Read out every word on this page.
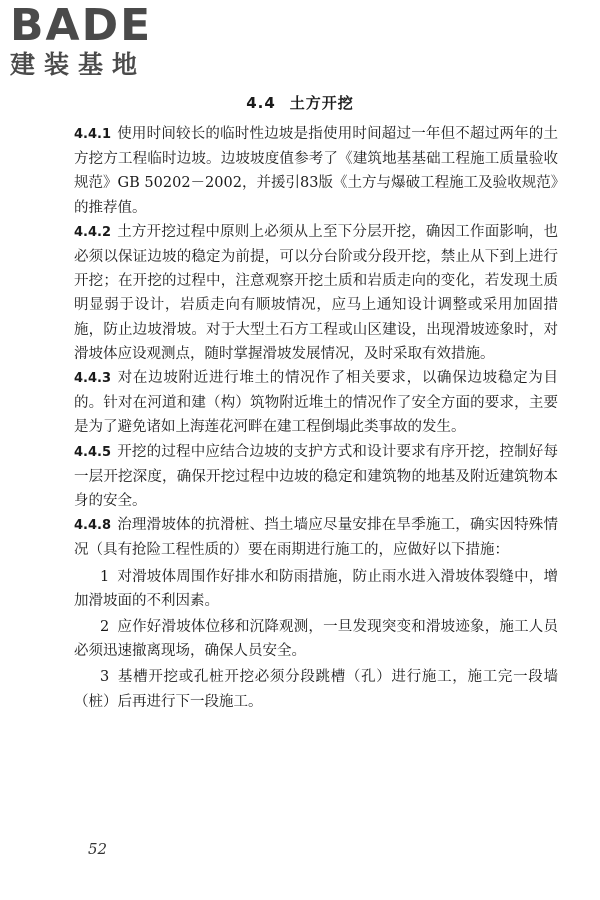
BADE
建装基地
4.4 土方开挖

4.4.1 使用时间较长的临时性边坡是指使用时间超过一年但不超过两年的土方挖方工程临时边坡。边坡坡度值参考了《建筑地基基础工程施工质量验收规范》GB 50202－2002，并援引83版《土方与爆破工程施工及验收规范》的推荐值。

4.4.2 土方开挖过程中原则上必须从上至下分层开挖，确因工作面影响，也必须以保证边坡的稳定为前提，可以分台阶或分段开挖，禁止从下到上进行开挖；在开挖的过程中，注意观察开挖土质和岩质走向的变化，若发现土质明显弱于设计，岩质走向有顺坡情况，应马上通知设计调整或采用加固措施，防止边坡滑坡。对于大型土石方工程或山区建设，出现滑坡迹象时，对滑坡体应设观测点，随时掌握滑坡发展情况，及时采取有效措施。

4.4.3 对在边坡附近进行堆土的情况作了相关要求，以确保边坡稳定为目的。针对在河道和建（构）筑物附近堆土的情况作了安全方面的要求，主要是为了避免诸如上海莲花河畔在建工程倒塌此类事故的发生。

4.4.5 开挖的过程中应结合边坡的支护方式和设计要求有序开挖，控制好每一层开挖深度，确保开挖过程中边坡的稳定和建筑物的地基及附近建筑物本身的安全。

4.4.8 治理滑坡体的抗滑桩、挡土墙应尽量安排在旱季施工，确实因特殊情况（具有抢险工程性质的）要在雨期进行施工的，应做好以下措施：

1 对滑坡体周围作好排水和防雨措施，防止雨水进入滑坡体裂缝中，增加滑坡面的不利因素。

2 应作好滑坡体位移和沉降观测，一旦发现突变和滑坡迹象，施工人员必须迅速撤离现场，确保人员安全。

3 基槽开挖或孔桩开挖必须分段跳槽（孔）进行施工，施工完一段墙（桩）后再进行下一段施工。

52
